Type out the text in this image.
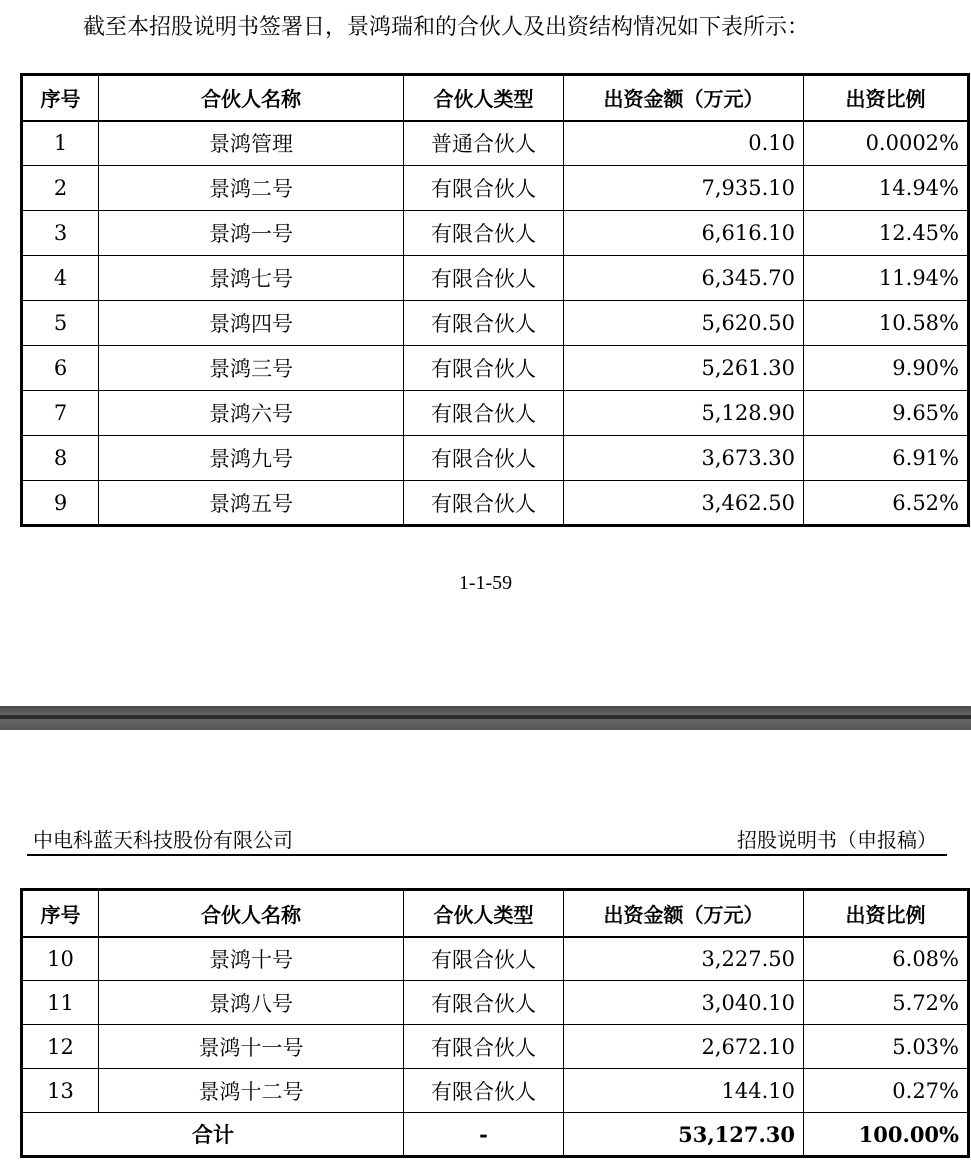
截至本招股说明书签署日，景鸿瑞和的合伙人及出资结构情况如下表所示：
序号	合伙人名称	合伙人类型	出资金额（万元）	出资比例
1	景鸿管理	普通合伙人	0.10	0.0002%
2	景鸿二号	有限合伙人	7,935.10	14.94%
3	景鸿一号	有限合伙人	6,616.10	12.45%
4	景鸿七号	有限合伙人	6,345.70	11.94%
5	景鸿四号	有限合伙人	5,620.50	10.58%
6	景鸿三号	有限合伙人	5,261.30	9.90%
7	景鸿六号	有限合伙人	5,128.90	9.65%
8	景鸿九号	有限合伙人	3,673.30	6.91%
9	景鸿五号	有限合伙人	3,462.50	6.52%
1-1-59
中电科蓝天科技股份有限公司	招股说明书（申报稿）
序号	合伙人名称	合伙人类型	出资金额（万元）	出资比例
10	景鸿十号	有限合伙人	3,227.50	6.08%
11	景鸿八号	有限合伙人	3,040.10	5.72%
12	景鸿十一号	有限合伙人	2,672.10	5.03%
13	景鸿十二号	有限合伙人	144.10	0.27%
合计		-	53,127.30	100.00%
